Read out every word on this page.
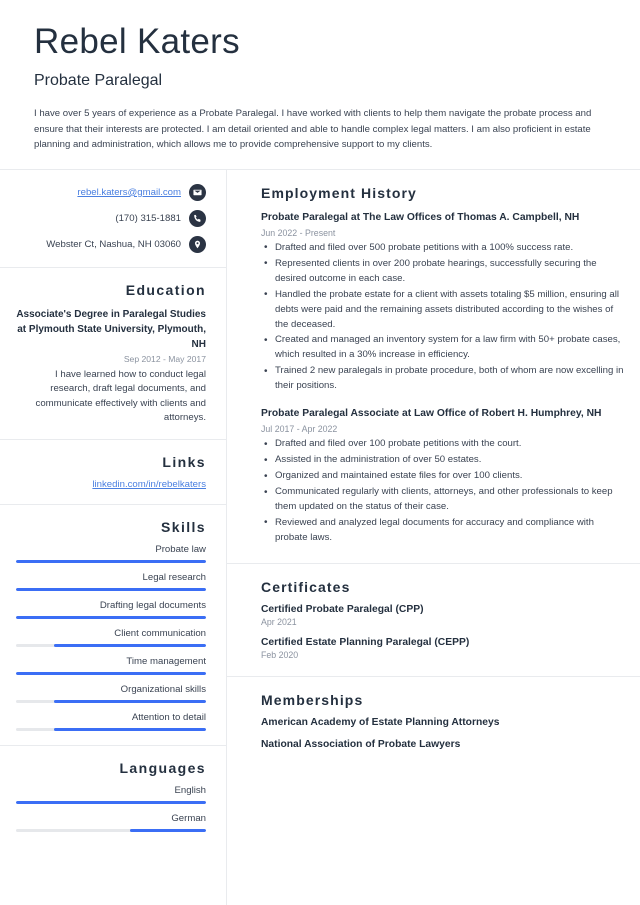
Rebel Katers
Probate Paralegal
I have over 5 years of experience as a Probate Paralegal. I have worked with clients to help them navigate the probate process and ensure that their interests are protected. I am detail oriented and able to handle complex legal matters. I am also proficient in estate planning and administration, which allows me to provide comprehensive support to my clients.
rebel.katers@gmail.com
(170) 315-1881
Webster Ct, Nashua, NH 03060
Education
Associate's Degree in Paralegal Studies at Plymouth State University, Plymouth, NH
Sep 2012 - May 2017
I have learned how to conduct legal research, draft legal documents, and communicate effectively with clients and attorneys.
Links
linkedin.com/in/rebelkaters
Skills
Probate law
Legal research
Drafting legal documents
Client communication
Time management
Organizational skills
Attention to detail
Languages
English
German
Employment History
Probate Paralegal at The Law Offices of Thomas A. Campbell, NH
Jun 2022 - Present
• Drafted and filed over 500 probate petitions with a 100% success rate.
• Represented clients in over 200 probate hearings, successfully securing the desired outcome in each case.
• Handled the probate estate for a client with assets totaling $5 million, ensuring all debts were paid and the remaining assets distributed according to the wishes of the deceased.
• Created and managed an inventory system for a law firm with 50+ probate cases, which resulted in a 30% increase in efficiency.
• Trained 2 new paralegals in probate procedure, both of whom are now excelling in their positions.
Probate Paralegal Associate at Law Office of Robert H. Humphrey, NH
Jul 2017 - Apr 2022
• Drafted and filed over 100 probate petitions with the court.
• Assisted in the administration of over 50 estates.
• Organized and maintained estate files for over 100 clients.
• Communicated regularly with clients, attorneys, and other professionals to keep them updated on the status of their case.
• Reviewed and analyzed legal documents for accuracy and compliance with probate laws.
Certificates
Certified Probate Paralegal (CPP)
Apr 2021
Certified Estate Planning Paralegal (CEPP)
Feb 2020
Memberships
American Academy of Estate Planning Attorneys
National Association of Probate Lawyers
